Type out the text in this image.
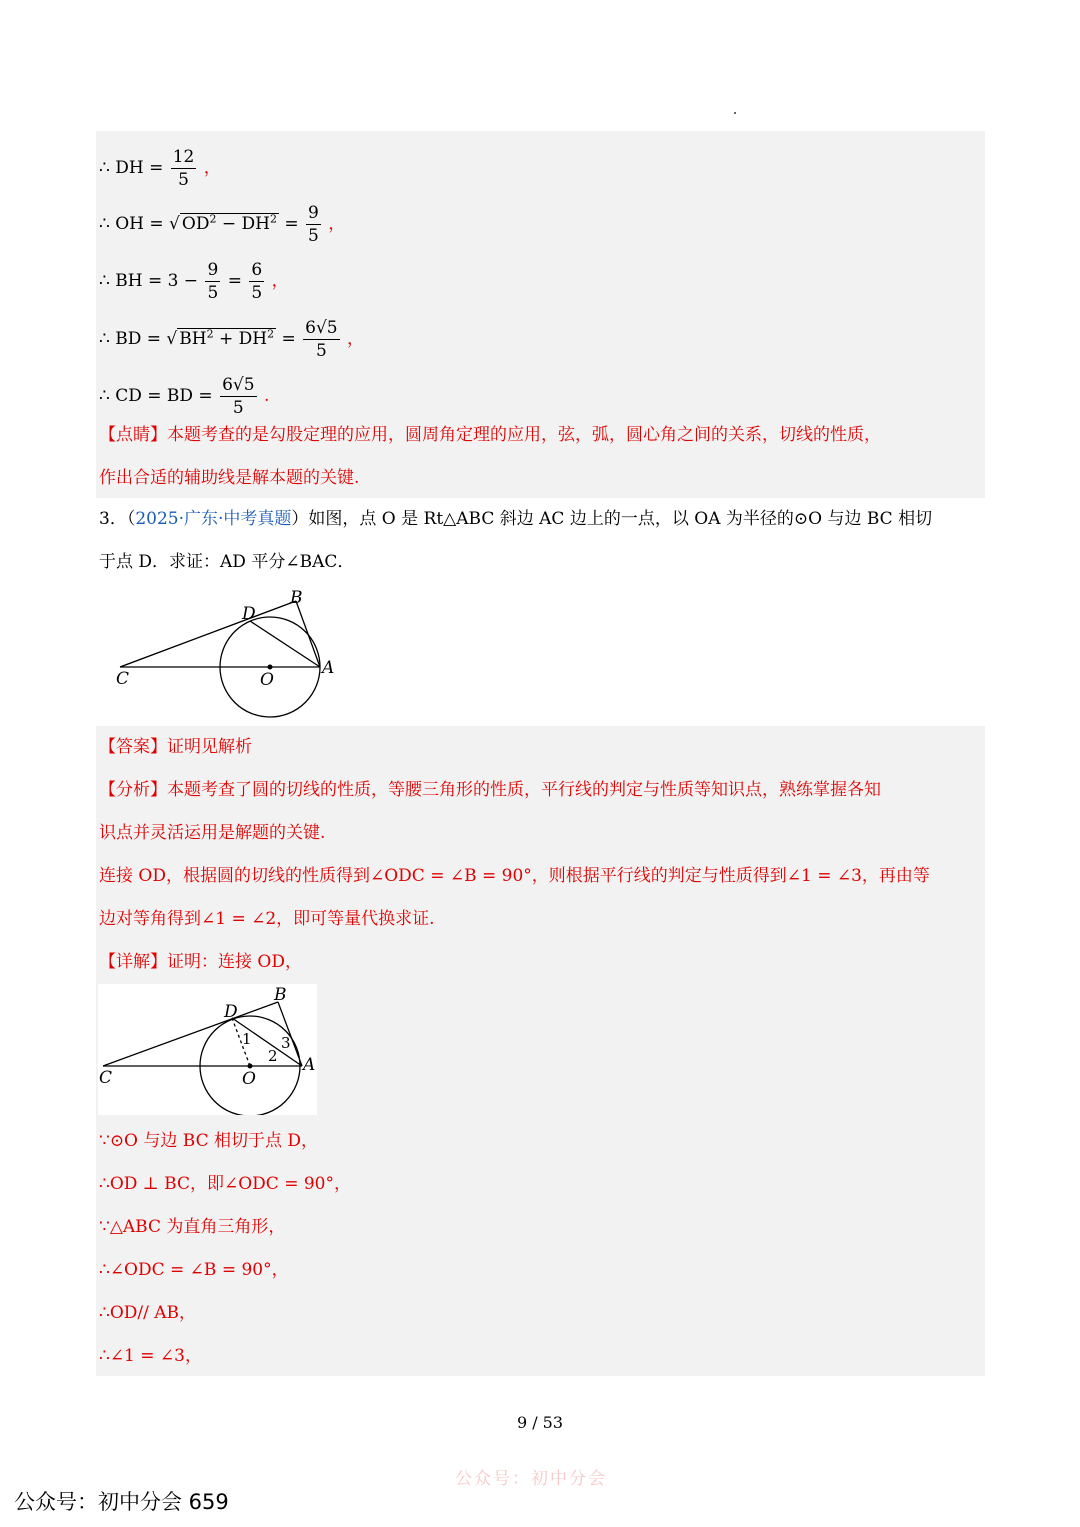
∴ DH = $\frac{12}{5}$ ，
∴ OH = √ $OD^2 - DH^2 = \frac{9}{5}$ ，
∴ BH = $3 - \frac{9}{5} = \frac{6}{5}$ ，
∴ BD = √ $BH^2 + DH^2 = \frac{6√5}{5}$ ，
∴ CD = BD = $\frac{6√5}{5}$ .
【点睛】本题考查的是勾股定理的应用，圆周角定理的应用，弦，弧，圆心角之间的关系，切线的性质，
作出合适的辅助线是解本题的关键.
3．（2025·广东·中考真题）如图，点 O 是 Rt△ABC 斜边 AC 边上的一点，以 OA 为半径的⊙O 与边 BC 相切
于点 D．求证：AD 平分∠BAC．
B
D
C	O
A
【答案】证明见解析
【分析】本题考查了圆的切线的性质，等腰三角形的性质，平行线的判定与性质等知识点，熟练掌握各知
识点并灵活运用是解题的关键.
连接 OD，根据圆的切线的性质得到∠ODC = ∠B = 90°，则根据平行线的判定与性质得到∠1 = ∠3，再由等
边对等角得到∠1 = ∠2，即可等量代换求证.
【详解】证明：连接 OD，
B
D
C	O
A
1
2
3
∵⊙O 与边 BC 相切于点 D，
∴OD ⊥ BC，即∠ODC = 90°，
∵△ABC 为直角三角形，
∴∠ODC = ∠B = 90°，
∴OD// AB，
∴∠1 = ∠3，
9 / 53
公众号：初中分会
公众号：初中分会 659
